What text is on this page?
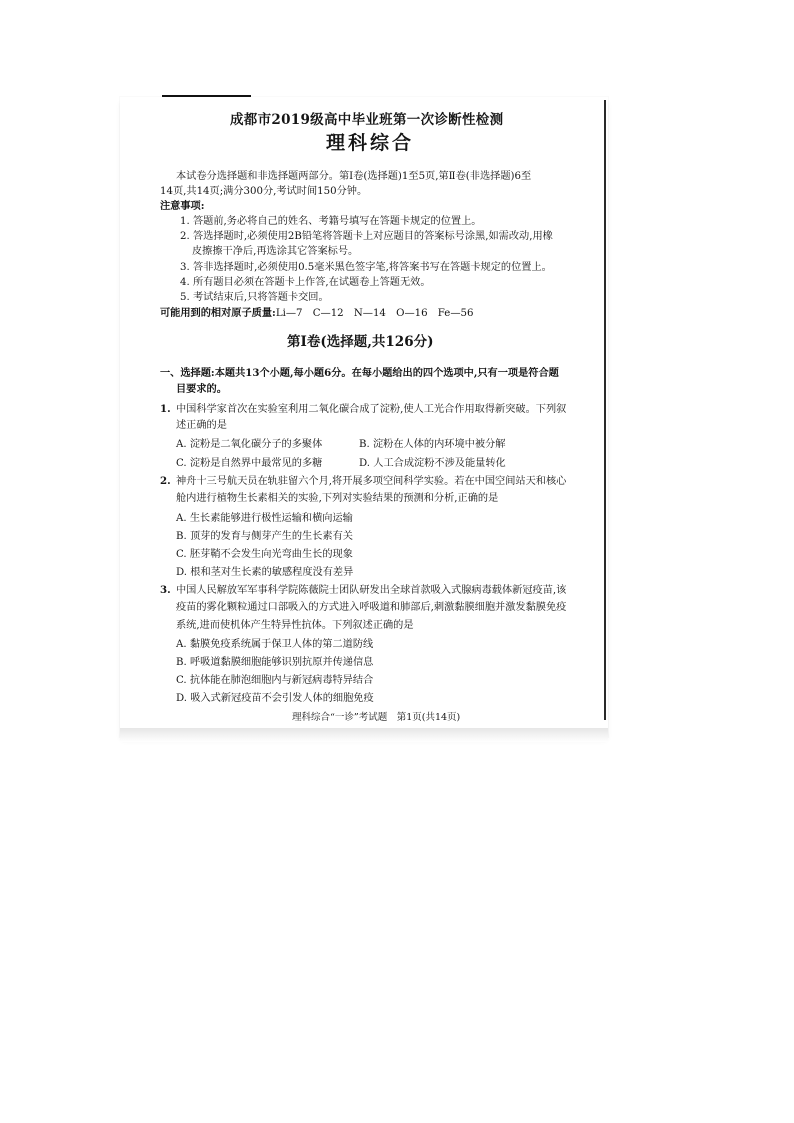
成都市2019级高中毕业班第一次诊断性检测
理科综合
本试卷分选择题和非选择题两部分。第Ⅰ卷(选择题)1至5页,第Ⅱ卷(非选择题)6至
14页,共14页;满分300分,考试时间150分钟。
注意事项:
1. 答题前,务必将自己的姓名、考籍号填写在答题卡规定的位置上。
2. 答选择题时,必须使用2B铅笔将答题卡上对应题目的答案标号涂黑,如需改动,用橡
皮擦擦干净后,再选涂其它答案标号。
3. 答非选择题时,必须使用0.5毫米黑色签字笔,将答案书写在答题卡规定的位置上。
4. 所有题目必须在答题卡上作答,在试题卷上答题无效。
5. 考试结束后,只将答题卡交回。
可能用到的相对原子质量:Li—7　C—12　N—14　O—16　Fe—56
第Ⅰ卷(选择题,共126分)
一、选择题:本题共13个小题,每小题6分。在每小题给出的四个选项中,只有一项是符合题
目要求的。
1. 中国科学家首次在实验室利用二氧化碳合成了淀粉,使人工光合作用取得新突破。下列叙
述正确的是
A. 淀粉是二氧化碳分子的多聚体	B. 淀粉在人体的内环境中被分解
C. 淀粉是自然界中最常见的多糖	D. 人工合成淀粉不涉及能量转化
2. 神舟十三号航天员在轨驻留六个月,将开展多项空间科学实验。若在中国空间站天和核心
舱内进行植物生长素相关的实验,下列对实验结果的预测和分析,正确的是
A. 生长素能够进行极性运输和横向运输
B. 顶芽的发育与侧芽产生的生长素有关
C. 胚芽鞘不会发生向光弯曲生长的现象
D. 根和茎对生长素的敏感程度没有差异
3. 中国人民解放军军事科学院陈薇院士团队研发出全球首款吸入式腺病毒载体新冠疫苗,该
疫苗的雾化颗粒通过口部吸入的方式进入呼吸道和肺部后,刺激黏膜细胞并激发黏膜免疫
系统,进而使机体产生特异性抗体。下列叙述正确的是
A. 黏膜免疫系统属于保卫人体的第二道防线
B. 呼吸道黏膜细胞能够识别抗原并传递信息
C. 抗体能在肺泡细胞内与新冠病毒特异结合
D. 吸入式新冠疫苗不会引发人体的细胞免疫
理科综合“一诊”考试题　第1页(共14页)
